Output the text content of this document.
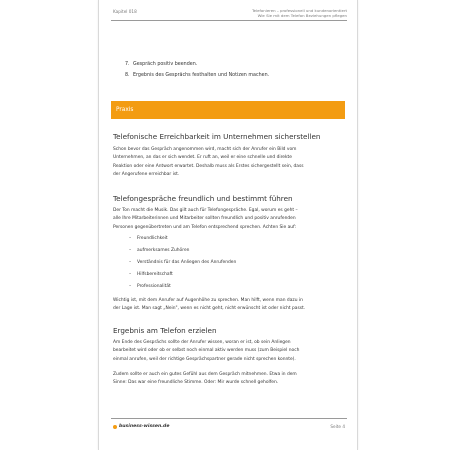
Kapitel 018	Telefonieren – professionell und kundenorientiert
Wie Sie mit dem Telefon Beziehungen pflegen
7. Gespräch positiv beenden.
8. Ergebnis des Gesprächs festhalten und Notizen machen.
Praxis
Telefonische Erreichbarkeit im Unternehmen sicherstellen
Schon bevor das Gespräch angenommen wird, macht sich der Anrufer ein Bild vom
Unternehmen, an das er sich wendet. Er ruft an, weil er eine schnelle und direkte
Reaktion oder eine Antwort erwartet. Deshalb muss als Erstes sichergestellt sein, dass
der Angerufene erreichbar ist.
Telefongespräche freundlich und bestimmt führen
Der Ton macht die Musik. Das gilt auch für Telefongespräche. Egal, worum es geht –
alle Ihre Mitarbeiterinnen und Mitarbeiter sollten freundlich und positiv anrufenden
Personen gegenübertreten und am Telefon entsprechend sprechen. Achten Sie auf:
– Freundlichkeit
– aufmerksames Zuhören
– Verständnis für das Anliegen des Anrufenden
– Hilfsbereitschaft
– Professionalität
Wichtig ist, mit dem Anrufer auf Augenhöhe zu sprechen. Man hilft, wenn man dazu in
der Lage ist. Man sagt „Nein", wenn es nicht geht, nicht erwünscht ist oder nicht passt.
Ergebnis am Telefon erzielen
Am Ende des Gesprächs sollte der Anrufer wissen, woran er ist, ob sein Anliegen
bearbeitet wird oder ob er selbst noch einmal aktiv werden muss (zum Beispiel noch
einmal anrufen, weil der richtige Gesprächspartner gerade nicht sprechen konnte).
Zudem sollte er auch ein gutes Gefühl aus dem Gespräch mitnehmen. Etwa in dem
Sinne: Das war eine freundliche Stimme. Oder: Mir wurde schnell geholfen.
business-wissen.de	Seite 4
